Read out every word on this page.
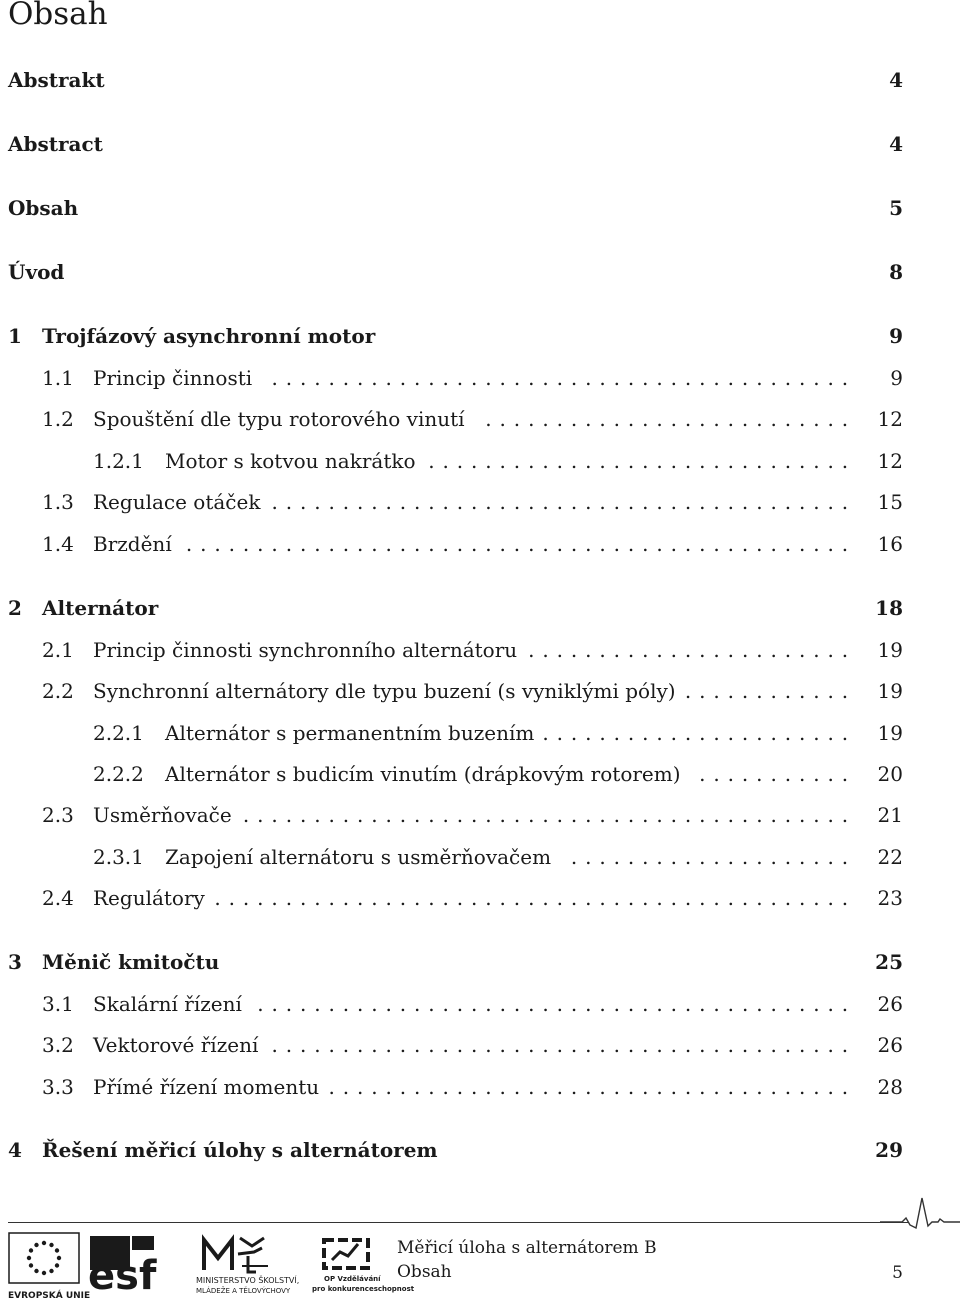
Obsah
Abstrakt	4
Abstract	4
Obsah	5
Úvod	8
1 Trojfázový asynchronní motor	9
1.1 Princip činnosti ......................................... 9
1.2 Spouštění dle typu rotorového vinutí	.......................... 12
1.2.1 Motor s kotvou nakrátko .............................. 12
1.3 Regulace otáček ......................................... 15
1.4 Brzdění ............................................... 16
2 Alternátor	18
2.1 Princip činnosti synchronního alternátoru ....................... 19
2.2 Synchronní alternátory dle typu buzení (s vyniklými póly) ............ 19
2.2.1 Alternátor s permanentním buzením ...................... 19
2.2.2 Alternátor s budicím vinutím (drápkovým rotorem) ........... 20
2.3 Usměrňovače ........................................... 21
2.3.1 Zapojení alternátoru s usměrňovačem .................... 22
2.4 Regulátory ............................................. 23
3 Měnič kmitočtu	25
3.1 Skalární řízení .......................................... 26
3.2 Vektorové řízení ......................................... 26
3.3 Přímé řízení momentu ..................................... 28
4 Řešení měřicí úlohy s alternátorem	29
EVROPSKÁ UNIE
esf	MINISTERSTVO ŠKOLSTVÍ,
MLÁDEŽE A TĚLOVÝCHOVY
OP Vzdělávání
pro konkurenceschopnost
Měřicí úloha s alternátorem B
Obsah	5
